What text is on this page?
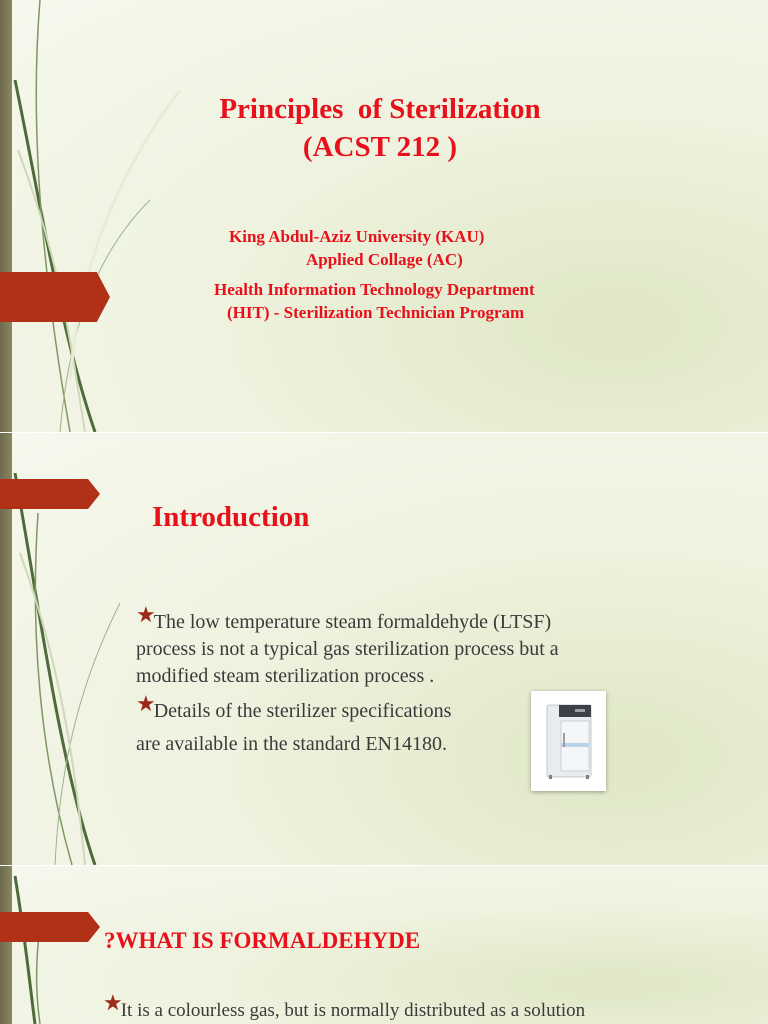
Principles  of Sterilization
(ACST 212 )
King Abdul-Aziz University (KAU)
Applied Collage (AC)
Health Information Technology Department
(HIT) - Sterilization Technician Program
Introduction
★The low temperature steam formaldehyde (LTSF)
process is not a typical gas sterilization process but a
modified steam sterilization process .
★Details of the sterilizer specifications
are available in the standard EN14180.
?WHAT IS FORMALDEHYDE
★It is a colourless gas, but is normally distributed as a solution
